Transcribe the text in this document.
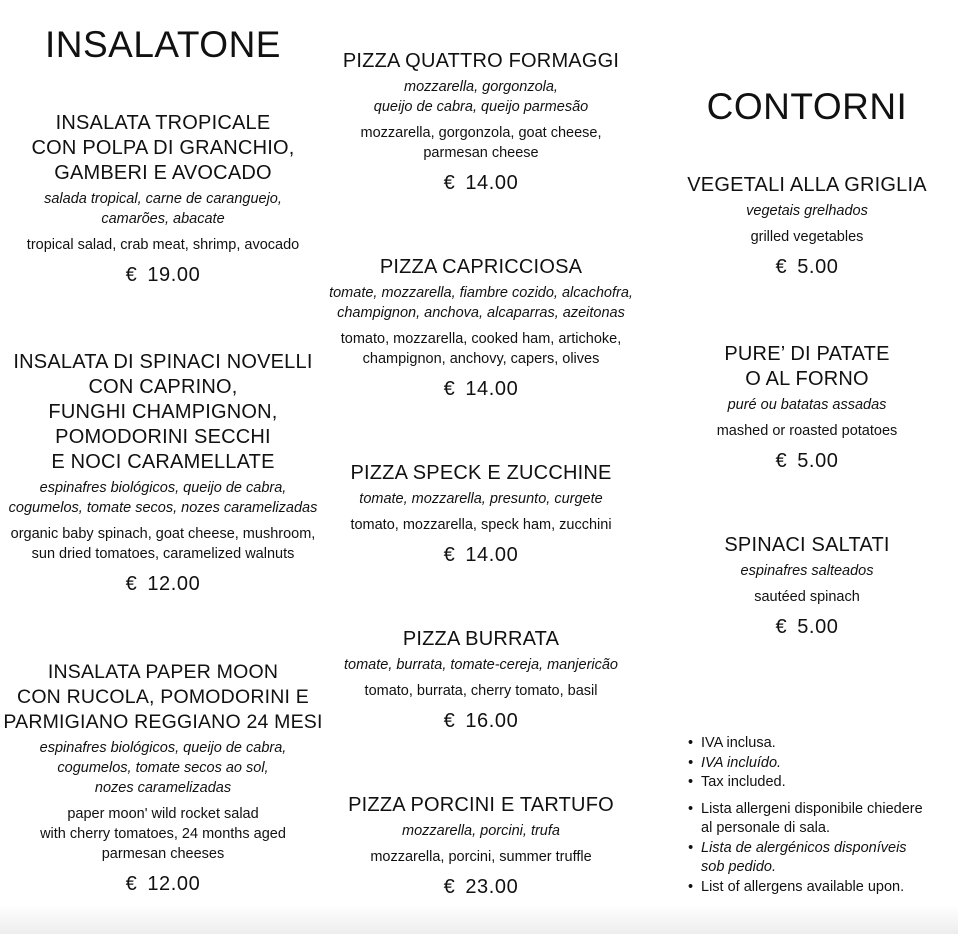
INSALATONE
INSALATA TROPICALE
CON POLPA DI GRANCHIO,
GAMBERI E AVOCADO
salada tropical, carne de caranguejo,
camarões, abacate
tropical salad, crab meat, shrimp, avocado
€ 19.00
INSALATA DI SPINACI NOVELLI
CON CAPRINO,
FUNGHI CHAMPIGNON,
POMODORINI SECCHI
E NOCI CARAMELLATE
espinafres biológicos, queijo de cabra,
cogumelos, tomate secos, nozes caramelizadas
organic baby spinach, goat cheese, mushroom,
sun dried tomatoes, caramelized walnuts
€ 12.00
INSALATA PAPER MOON
CON RUCOLA, POMODORINI E
PARMIGIANO REGGIANO 24 MESI
espinafres biológicos, queijo de cabra,
cogumelos, tomate secos ao sol,
nozes caramelizadas
paper moon' wild rocket salad
with cherry tomatoes, 24 months aged
parmesan cheeses
€ 12.00
PIZZA QUATTRO FORMAGGI
mozzarella, gorgonzola,
queijo de cabra, queijo parmesão
mozzarella, gorgonzola, goat cheese,
parmesan cheese
€ 14.00
PIZZA CAPRICCIOSA
tomate, mozzarella, fiambre cozido, alcachofra,
champignon, anchova, alcaparras, azeitonas
tomato, mozzarella, cooked ham, artichoke,
champignon, anchovy, capers, olives
€ 14.00
PIZZA SPECK E ZUCCHINE
tomate, mozzarella, presunto, curgete
tomato, mozzarella, speck ham, zucchini
€ 14.00
PIZZA BURRATA
tomate, burrata, tomate-cereja, manjericão
tomato, burrata, cherry tomato, basil
€ 16.00
PIZZA PORCINI E TARTUFO
mozzarella, porcini, trufa
mozzarella, porcini, summer truffle
€ 23.00
CONTORNI
VEGETALI ALLA GRIGLIA
vegetais grelhados
grilled vegetables
€ 5.00
PURE’ DI PATATE
O AL FORNO
puré ou batatas assadas
mashed or roasted potatoes
€ 5.00
SPINACI SALTATI
espinafres salteados
sautéed spinach
€ 5.00
• IVA inclusa.
• IVA incluído.
• Tax included.
• Lista allergeni disponibile chiedere
al personale di sala.
• Lista de alergénicos disponíveis
sob pedido.
• List of allergens available upon.
